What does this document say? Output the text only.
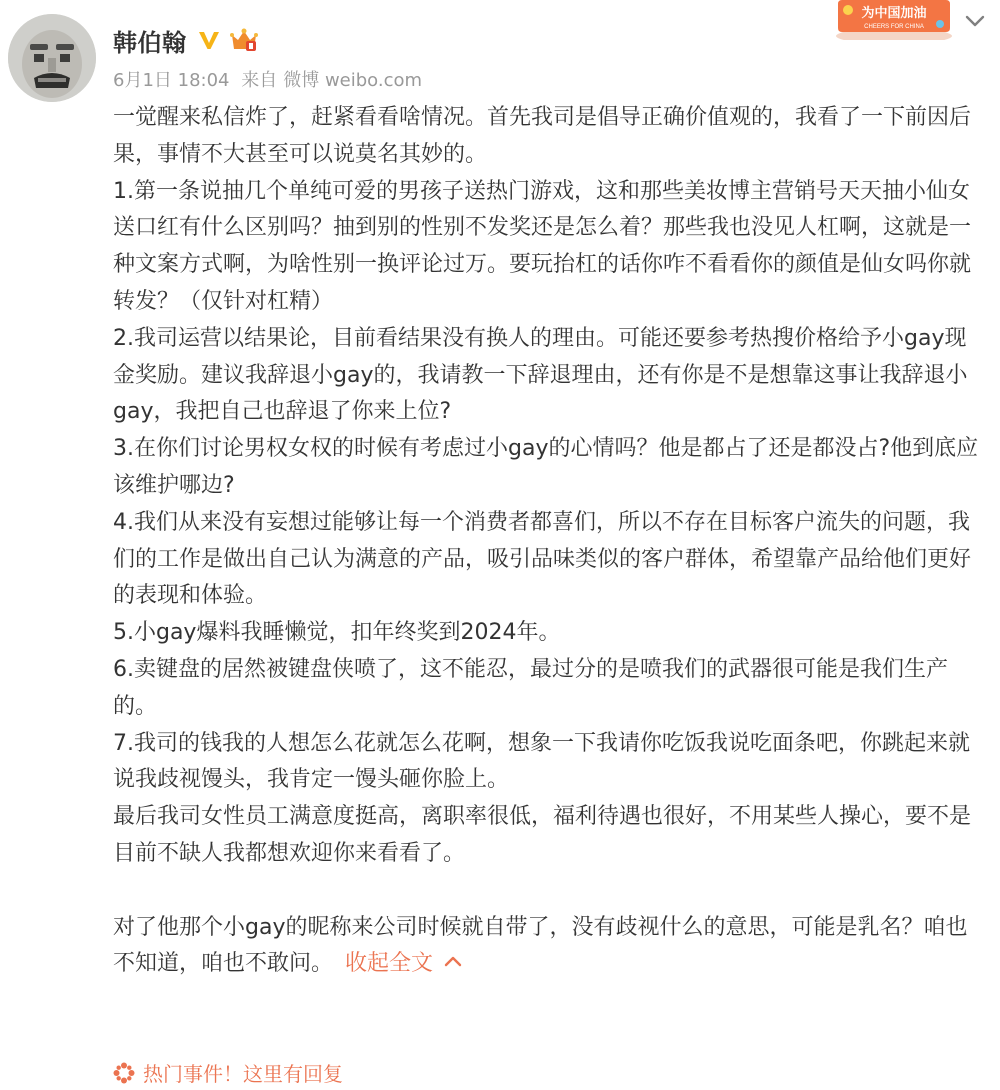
韩伯翰
6月1日 18:04 来自 微博 weibo.com
为中国加油
CHEERS FOR CHINA

一觉醒来私信炸了，赶紧看看啥情况。首先我司是倡导正确价值观的，我看了一下前因后果，事情不大甚至可以说莫名其妙的。

1.第一条说抽几个单纯可爱的男孩子送热门游戏，这和那些美妆博主营销号天天抽小仙女送口红有什么区别吗？抽到别的性别不发奖还是怎么着？那些我也没见人杠啊，这就是一种文案方式啊，为啥性别一换评论过万。要玩抬杠的话你咋不看看你的颜值是仙女吗你就转发？（仅针对杠精）

2.我司运营以结果论，目前看结果没有换人的理由。可能还要参考热搜价格给予小gay现金奖励。建议我辞退小gay的，我请教一下辞退理由，还有你是不是想靠这事让我辞退小gay，我把自己也辞退了你来上位?

3.在你们讨论男权女权的时候有考虑过小gay的心情吗？他是都占了还是都没占?他到底应该维护哪边?

4.我们从来没有妄想过能够让每一个消费者都喜们，所以不存在目标客户流失的问题，我们的工作是做出自己认为满意的产品，吸引品味类似的客户群体，希望靠产品给他们更好的表现和体验。

5.小gay爆料我睡懒觉，扣年终奖到2024年。

6.卖键盘的居然被键盘侠喷了，这不能忍，最过分的是喷我们的武器很可能是我们生产的。

7.我司的钱我的人想怎么花就怎么花啊，想象一下我请你吃饭我说吃面条吧，你跳起来就说我歧视馒头，我肯定一馒头砸你脸上。

最后我司女性员工满意度挺高，离职率很低，福利待遇也很好，不用某些人操心，要不是目前不缺人我都想欢迎你来看看了。

对了他那个小gay的昵称来公司时候就自带了，没有歧视什么的意思，可能是乳名？咱也不知道，咱也不敢问。 收起全文

热门事件！这里有回复
